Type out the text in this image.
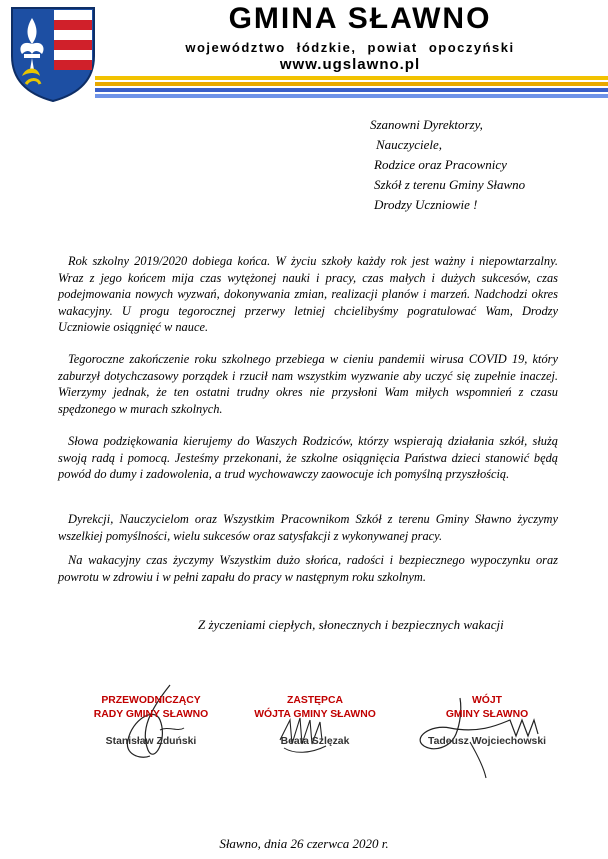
GMINA SŁAWNO
województwo łódzkie, powiat opoczyński
www.ugslawno.pl
Szanowni Dyrektorzy,
Nauczyciele,
Rodzice oraz Pracownicy
Szkół z terenu Gminy Sławno
Drodzy Uczniowie !
Rok szkolny 2019/2020 dobiega końca. W życiu szkoły każdy rok jest ważny i niepowtarzalny. Wraz z jego końcem mija czas wytężonej nauki i pracy, czas małych i dużych sukcesów, czas podejmowania nowych wyzwań, dokonywania zmian, realizacji planów i marzeń. Nadchodzi okres wakacyjny. U progu tegorocznej przerwy letniej chcielibyśmy pogratulować Wam, Drodzy Uczniowie osiągnięć w nauce.
Tegoroczne zakończenie roku szkolnego przebiega w cieniu pandemii wirusa COVID 19, który zaburzył dotychczasowy porządek i rzucił nam wszystkim wyzwanie aby uczyć się zupełnie inaczej. Wierzymy jednak, że ten ostatni trudny okres nie przysłoni Wam miłych wspomnień z czasu spędzonego w murach szkolnych.
Słowa podziękowania kierujemy do Waszych Rodziców, którzy wspierają działania szkół, służą swoją radą i pomocą. Jesteśmy przekonani, że szkolne osiągnięcia Państwa dzieci stanowić będą powód do dumy i zadowolenia, a trud wychowawczy zaowocuje ich pomyślną przyszłością.
Dyrekcji, Nauczycielom oraz Wszystkim Pracownikom Szkół z terenu Gminy Sławno życzymy wszelkiej pomyślności, wielu sukcesów oraz satysfakcji z wykonywanej pracy.
Na wakacyjny czas życzymy Wszystkim dużo słońca, radości i bezpiecznego wypoczynku oraz powrotu w zdrowiu i w pełni zapału do pracy w następnym roku szkolnym.
Z życzeniami ciepłych, słonecznych i bezpiecznych wakacji
PRZEWODNICZĄCY
RADY GMINY SŁAWNO
Stanisław Zduński
ZASTĘPCA
WÓJTA GMINY SŁAWNO
Beata Szlęzak
WÓJT
GMINY SŁAWNO
Tadeusz Wojciechowski
Sławno, dnia 26 czerwca 2020 r.
